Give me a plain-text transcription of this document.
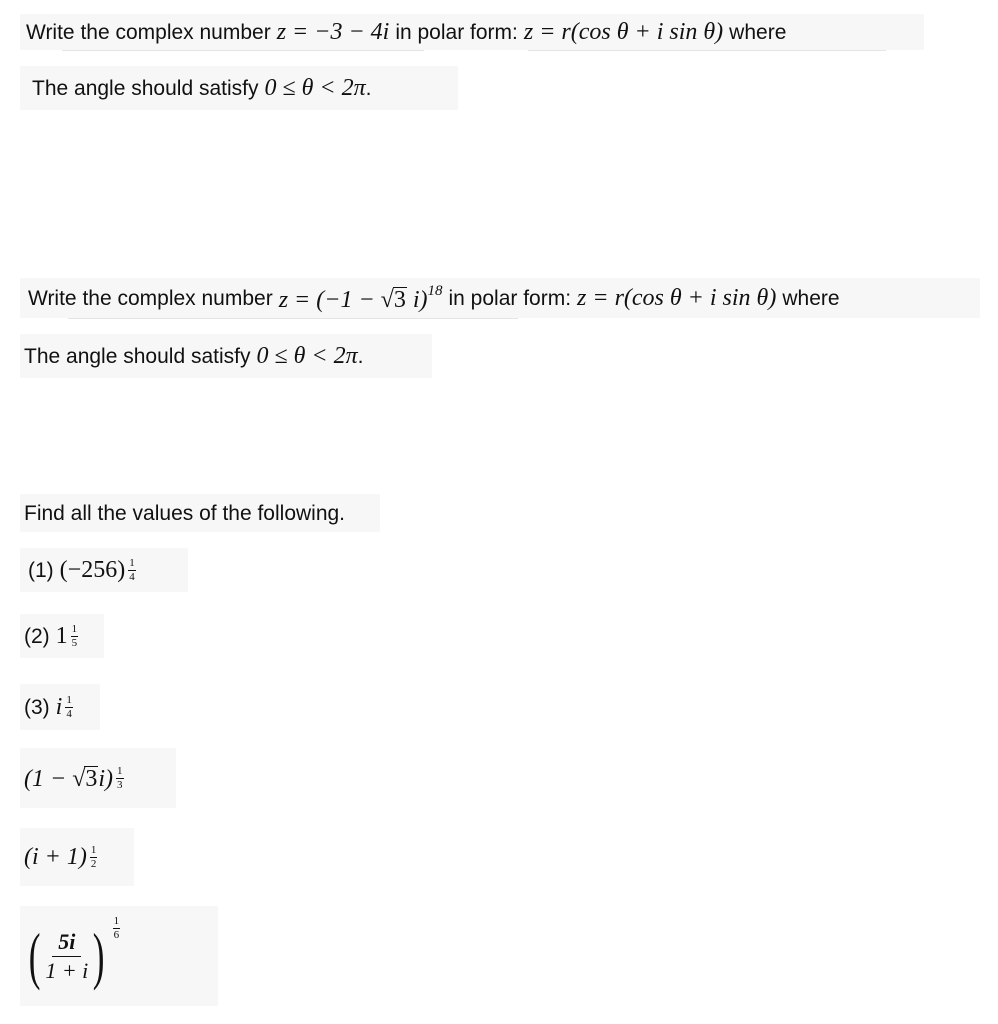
Write the complex number z = −3 − 4i in polar form: z = r(cos θ + i sin θ) where
The angle should satisfy 0 ≤ θ < 2π .
Write the complex number z = (−1 − √ 3 i)$^{18}$ in polar form: z = r(cos θ + i sin θ) where
The angle should satisfy 0 ≤ θ < 2π .
Find all the values of the following.
(1) $(-256) \frac{1}{4}$
(2) $1 \frac{1}{5}$
(3) i $\frac{1}{4}$
(1 − √ 3 $i) \frac{1}{3}$
$(i + 1) \frac{1}{2}$
( $\frac{5i}{1 + i}$ ) $^{\frac{1}{6}}$
